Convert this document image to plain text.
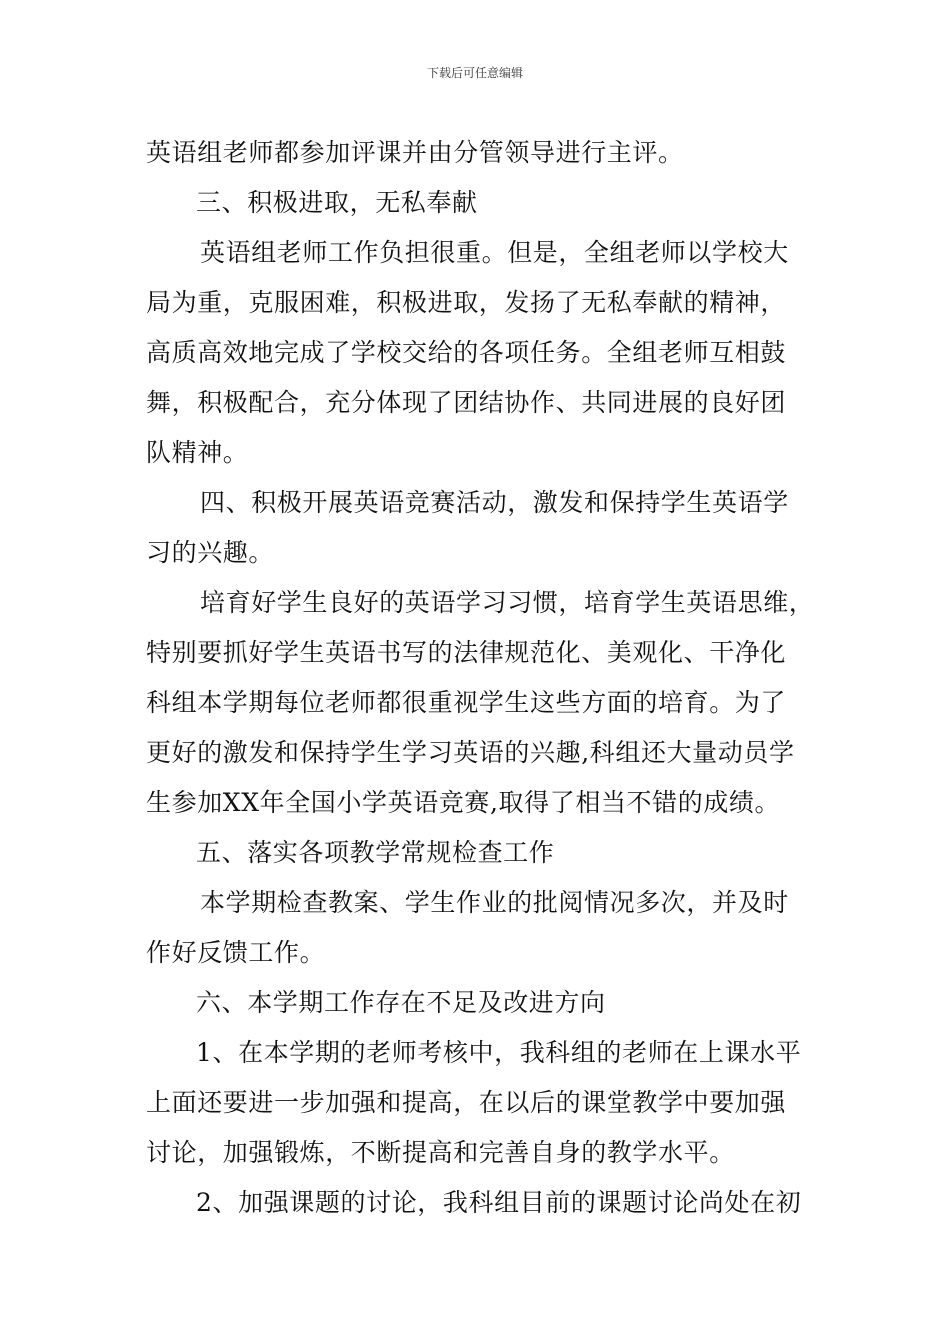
下载后可任意编辑
英语组老师都参加评课并由分管领导进行主评。
三、积极进取，无私奉献
英语组老师工作负担很重。但是，全组老师以学校大
局为重，克服困难，积极进取，发扬了无私奉献的精神，
高质高效地完成了学校交给的各项任务。全组老师互相鼓
舞，积极配合，充分体现了团结协作、共同进展的良好团
队精神。
四、积极开展英语竞赛活动，激发和保持学生英语学
习的兴趣。
培育好学生良好的英语学习习惯，培育学生英语思维，
特别要抓好学生英语书写的法律规范化、美观化、干净化
科组本学期每位老师都很重视学生这些方面的培育。为了
更好的激发和保持学生学习英语的兴趣,科组还大量动员学
生参加XX年全国小学英语竞赛,取得了相当不错的成绩。
五、落实各项教学常规检查工作
本学期检查教案、学生作业的批阅情况多次，并及时
作好反馈工作。
六、本学期工作存在不足及改进方向
1、在本学期的老师考核中，我科组的老师在上课水平
上面还要进一步加强和提高，在以后的课堂教学中要加强
讨论，加强锻炼，不断提高和完善自身的教学水平。
2、加强课题的讨论，我科组目前的课题讨论尚处在初
